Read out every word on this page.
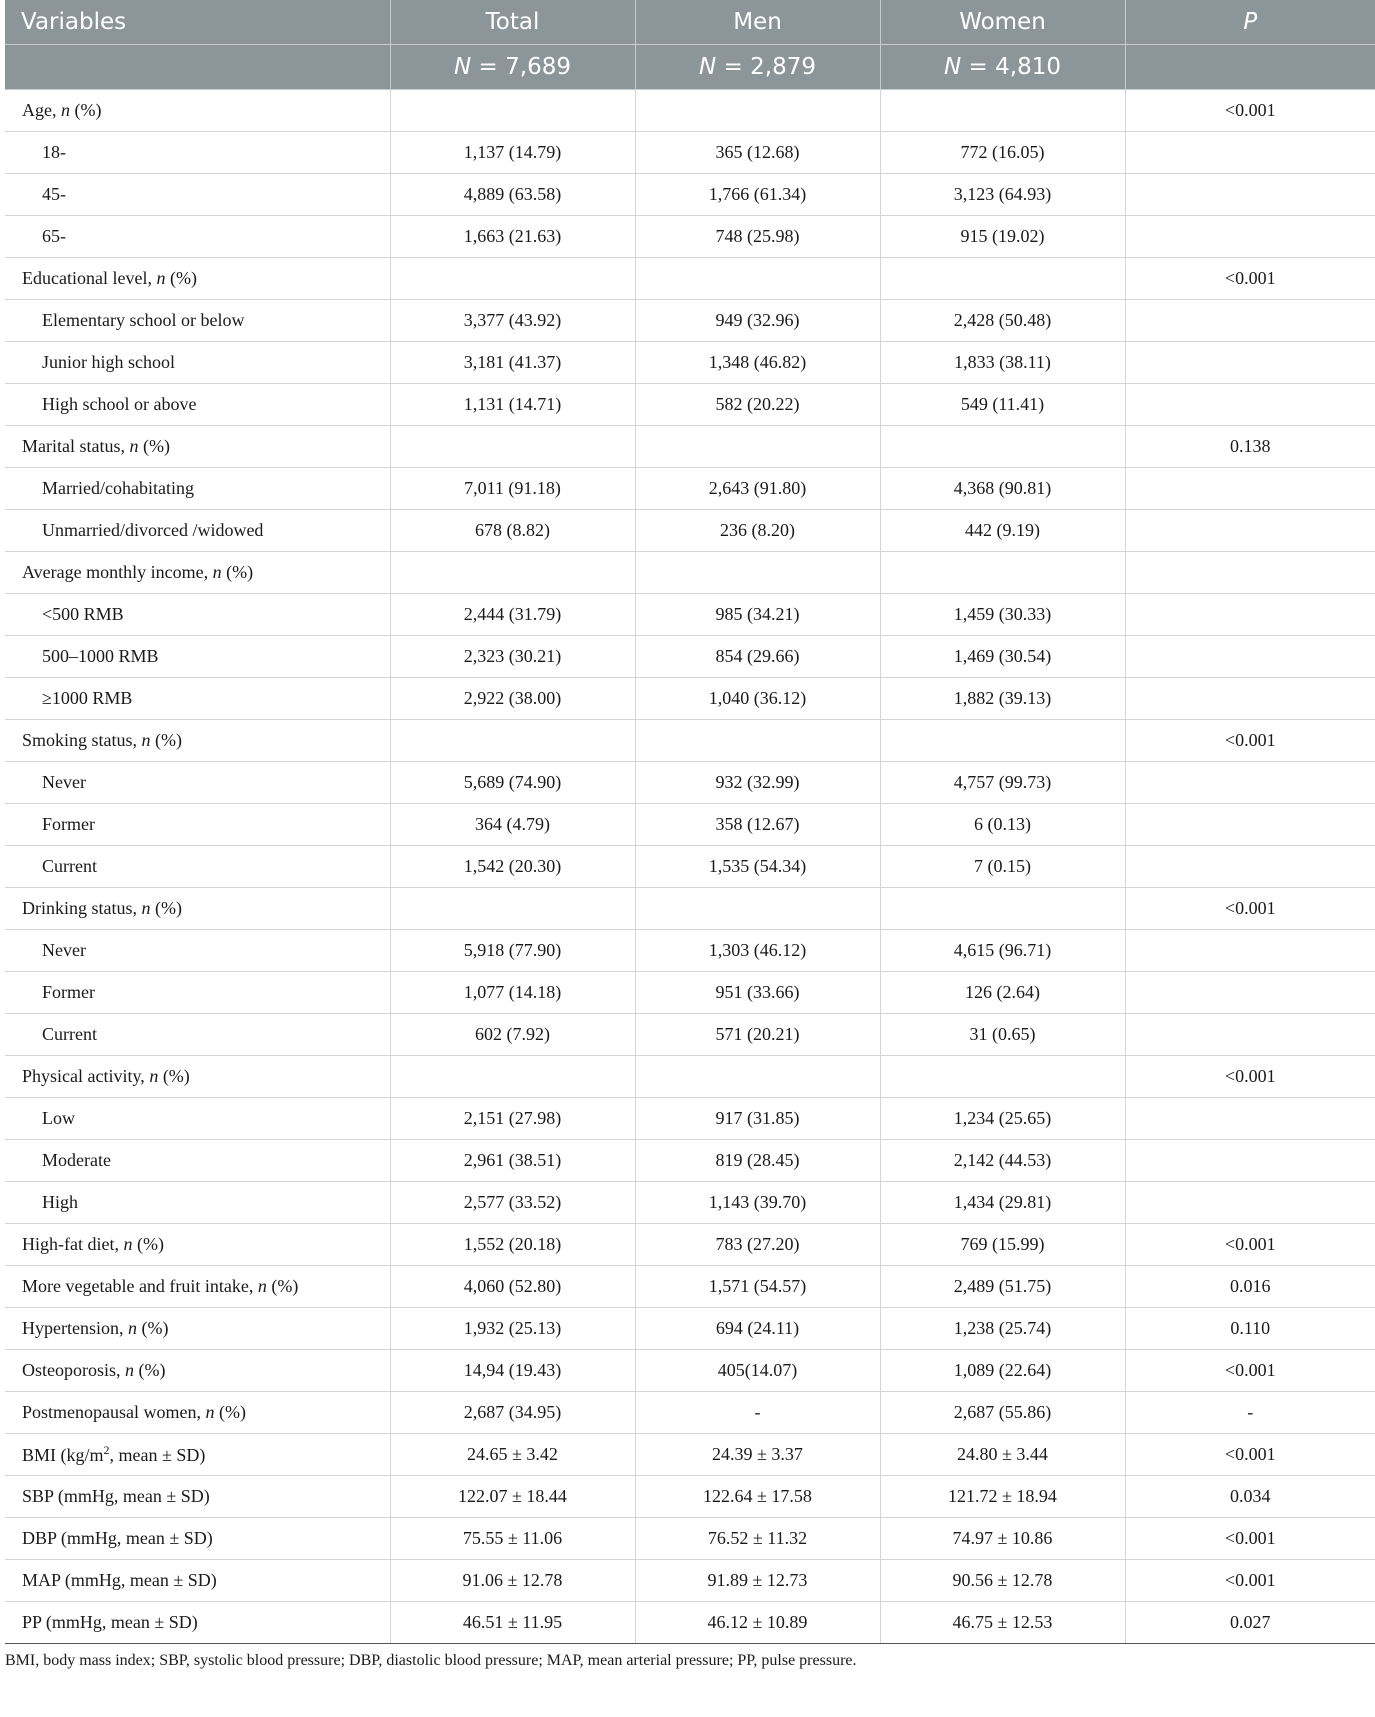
Variables	Total	Men	Women	P
	N = 7,689	N = 2,879	N = 4,810	
Age, n (%)				<0.001
18-	1,137 (14.79)	365 (12.68)	772 (16.05)	
45-	4,889 (63.58)	1,766 (61.34)	3,123 (64.93)	
65-	1,663 (21.63)	748 (25.98)	915 (19.02)	
Educational level, n (%)				<0.001
Elementary school or below	3,377 (43.92)	949 (32.96)	2,428 (50.48)	
Junior high school	3,181 (41.37)	1,348 (46.82)	1,833 (38.11)	
High school or above	1,131 (14.71)	582 (20.22)	549 (11.41)	
Marital status, n (%)				0.138
Married/cohabitating	7,011 (91.18)	2,643 (91.80)	4,368 (90.81)	
Unmarried/divorced /widowed	678 (8.82)	236 (8.20)	442 (9.19)	
Average monthly income, n (%)				
<500 RMB	2,444 (31.79)	985 (34.21)	1,459 (30.33)	
500–1000 RMB	2,323 (30.21)	854 (29.66)	1,469 (30.54)	
≥1000 RMB	2,922 (38.00)	1,040 (36.12)	1,882 (39.13)	
Smoking status, n (%)				<0.001
Never	5,689 (74.90)	932 (32.99)	4,757 (99.73)	
Former	364 (4.79)	358 (12.67)	6 (0.13)	
Current	1,542 (20.30)	1,535 (54.34)	7 (0.15)	
Drinking status, n (%)				<0.001
Never	5,918 (77.90)	1,303 (46.12)	4,615 (96.71)	
Former	1,077 (14.18)	951 (33.66)	126 (2.64)	
Current	602 (7.92)	571 (20.21)	31 (0.65)	
Physical activity, n (%)				<0.001
Low	2,151 (27.98)	917 (31.85)	1,234 (25.65)	
Moderate	2,961 (38.51)	819 (28.45)	2,142 (44.53)	
High	2,577 (33.52)	1,143 (39.70)	1,434 (29.81)	
High-fat diet, n (%)	1,552 (20.18)	783 (27.20)	769 (15.99)	<0.001
More vegetable and fruit intake, n (%)	4,060 (52.80)	1,571 (54.57)	2,489 (51.75)	0.016
Hypertension, n (%)	1,932 (25.13)	694 (24.11)	1,238 (25.74)	0.110
Osteoporosis, n (%)	14,94 (19.43)	405(14.07)	1,089 (22.64)	<0.001
Postmenopausal women, n (%)	2,687 (34.95)	-	2,687 (55.86)	-
BMI ($kg/m^2$, mean ± SD)	24.65 ± 3.42	24.39 ± 3.37	24.80 ± 3.44	<0.001
SBP (mmHg, mean ± SD)	122.07 ± 18.44	122.64 ± 17.58	121.72 ± 18.94	0.034
DBP (mmHg, mean ± SD)	75.55 ± 11.06	76.52 ± 11.32	74.97 ± 10.86	<0.001
MAP (mmHg, mean ± SD)	91.06 ± 12.78	91.89 ± 12.73	90.56 ± 12.78	<0.001
PP (mmHg, mean ± SD)	46.51 ± 11.95	46.12 ± 10.89	46.75 ± 12.53	0.027
BMI, body mass index; SBP, systolic blood pressure; DBP, diastolic blood pressure; MAP, mean arterial pressure; PP, pulse pressure.
